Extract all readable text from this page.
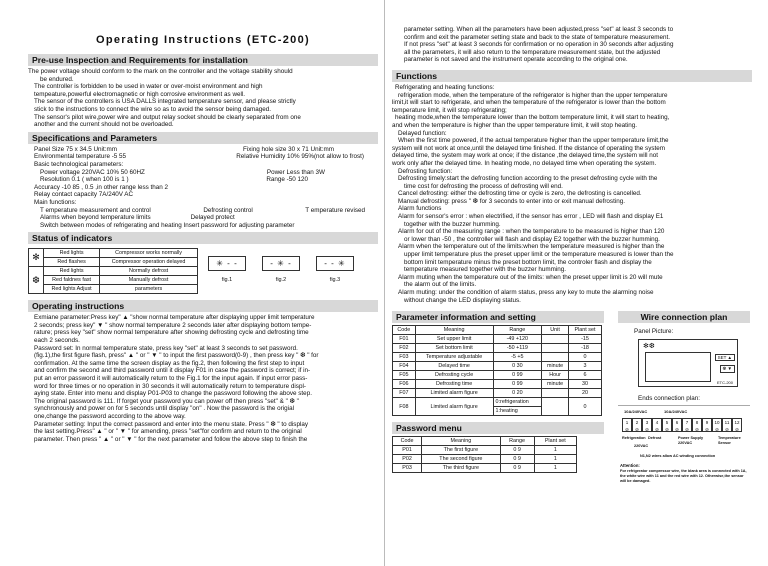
Operating Instructions (ETC-200)
Pre-use Inspection and Requirements for installation

The power voltage should conform to the mark on the controller and the voltage stability should

be endured.

The controller is forbidden to be used in water or over-moist environment and high

tempeature,powerful electromagnetic or high corrosive environment as well.

The sensor of the controllers is USA DALLS integrated temperature sensor, and please strictly

stick to the instructions to connect the wire so as to avoid the sensor being damaged.

The sensor's pilot wire,power wire and output relay socket should be clearly separated from one

another and the current should not be overloaded.

Specifications and Parameters

Panel Size 75 x 34.5 Unit:mm	Fixing hole size 30 x 71 Unit:mm

Environmental temperature -5 55	Relative Humidity 10% 95%(not allow to frost)

Basic technological parameters:

Power voltage 220VAC 10% 50 60HZ	Power Less than 3W

Resolution 0.1 ( when 100 is 1 )	Range -50 120

Accuracy -10 85 , 0.5 ,in other range less than 2

Relay contact capacity 7A/240V AC

Main functions:

T emperature measurement and control	Defrosting control	T emperature revised

Alarms when beyond temperature limits	Delayed protect

Switch between modes of refrigerating and heating Insert password for adjusting parameter

Status of indicators
✻	Red lights	Compressor works normally
	Red flashes	Compressor operation delayed
❆	Red lights	Normally defrost
	Red faldnes fast	Manually defrost
	Red lights Adjust	parameters
✳ - -
fig.1
- ✳ -
fig.2
- - ✳
fig.3
Operating instructions

Exmiane parameter:Press key" ▲ "show normal temperature after displaying upper limit temperature

2 seconds; press key" ▼ " show normal temperature 2 seconds later after displaying bottom tempe-

rature; press key "set" show normal temperature after showing defrosting cycle and defrosting time

each 2 seconds.

Password set: In normal temperature state, press key "set" at least 3 seconds to set password.

(fig.1),the first figure flash, press" ▲ " or " ▼ " to input the first password(0-9) , then press key " ❆ " for

confirmation. At the same time the screen display as the fig.2, then following the first step to input

and confirm the second and third password until it display F01 in case the password is correct; if in-

put an error password it will automatically return to the Fig.1 for the input again. If input error pass-

word for three times or no operation in 30 seconds it will automatically return to temperature displ-

aying state. Enter into menu and display P01-P03 to change the password following the above step.

The original password is 111. If forget your password you can power off then press "set" & " ❆ "

synchronously and power on for 5 seconds until display "on" . Now the password is the origial

one,change the password according to the above way.

Parameter setting: Input the correct password and enter into the menu state. Press " ❆ " to display

the last setting.Press" ▲ " or " ▼ " for amending, press "set"for confirm and return to the original

parameter. Then press " ▲ " or " ▼ " for the next parameter and follow the above step to finish the

parameter setting. When all the parameters have been adjusted,press "set" at least 3 seconds to

confirm and exit the parameter setting state and back to the state of temperature measurement.

If not press "set" at least 3 seconds for confirmation or no operation in 30 seconds after adjusting

all the parameters, it will also return to the temperature measurement state, but the adjusted

parameter is not saved and the instrument operate according to the original one.

Functions

Refrigerating and heating functions:

refrigeration mode, when the temperature of the refrigerator is higher than the upper temperature

limit,it will start to refrigerate, and when the temperature of the refrigerator is lower than the bottom

temperature limit, it will stop refrigerating;

heating mode,when the temperature lower than the bottom temperature limit, it will start to heating,

and when the temperature is higher than the upper temperature limit, it will stop heating.

Delayed function:

When the first time powered, if the actual temperature higher than the upper temperature limit,the

system will not work at once,until the delayed time finished. If the distance of operating the system

delayed time, the system may work at once; if the distance ,the delayed time,the system will not

work only after the delayed time. In heating mode, no delayed time when operating the system.

Defrosting function:

Defrosting timely:start the defrosting function according to the preset defrosting cycle with the

time cost for defrosting the process of defrosting will end.

Cancel defrosting: either the defrosting time or cycle is zero, the defrosting is cancelled.

Manual defrosting: press " ❆ for 3 seconds to enter into or exit manual defrosting.

Alarm functions

Alarm for sensor's error : when electrified, if the sensor has error , LED will flash and display E1

together with the buzzer humming.

Alarm for out of the measuring range : when the temperature to be measured is higher than 120

or lower than -50 , the controller will flash and display E2 together with the buzzer humming.

Alarm when the temperature out of the limits:when the temperature measured is higher than the

upper limit temperature plus the preset upper limit or the temperature measured is lower than the

bottom limit temperature minus the preset bottom limit, the controler flash and display the

temperature measured together with the buzzer humming.

Alarm muting when the temperature out of the limits: when the preset upper limit is 20 will mute

the alarm out of the limits.

Alarm muting: under the condition of alarm status, press any key to mute the alarming noise

without change the LED displaying status.

Parameter information and setting
Code	Meaning	Range	Unit	Plant set
F01	Set upper limit	-49 +120		-15
F02	Set bottom limit	-50 +119		-18
F03	Temperature adjustable	-5 +5		0
F04	Delayed time	0 30	minute	3
F05	Defrosting cycle	0 99	Hour	6
F06	Defrosting time	0 99	minute	30
F07	Limited alarm figure	0 20		20
F08	Limited alarm figure	0:refrigeration		0
		1:heating		
Password menu
Code	Meaning	Range	Plant set
P01	The first figure	0 9	1
P02	The second figure	0 9	1
P03	The third figure	0 9	1
Wire connection plan

Panel Picture:

✻❆
SET ▲
❆ ▼
ETC-200

Ends connection plan:

10A/240VAC	10A/240VAC
1
⊘
2
⊘
3
⊘
4
⊘
5
⊘
6
⊘
7
⊘
8
⊘
9
⊘
10
⊘
11
⊘
12
⊘
Refrigeration Defrost
220VAC
Power Supply 220VAC
Temperature Sensor
N1,N2 wires allow AC winding connection
Attention:
For refrigerator compressor wire, the blank area is connected with 1A, the white wire with 11 and the red wire with 12. Otherwise,the sensor will be damaged.
